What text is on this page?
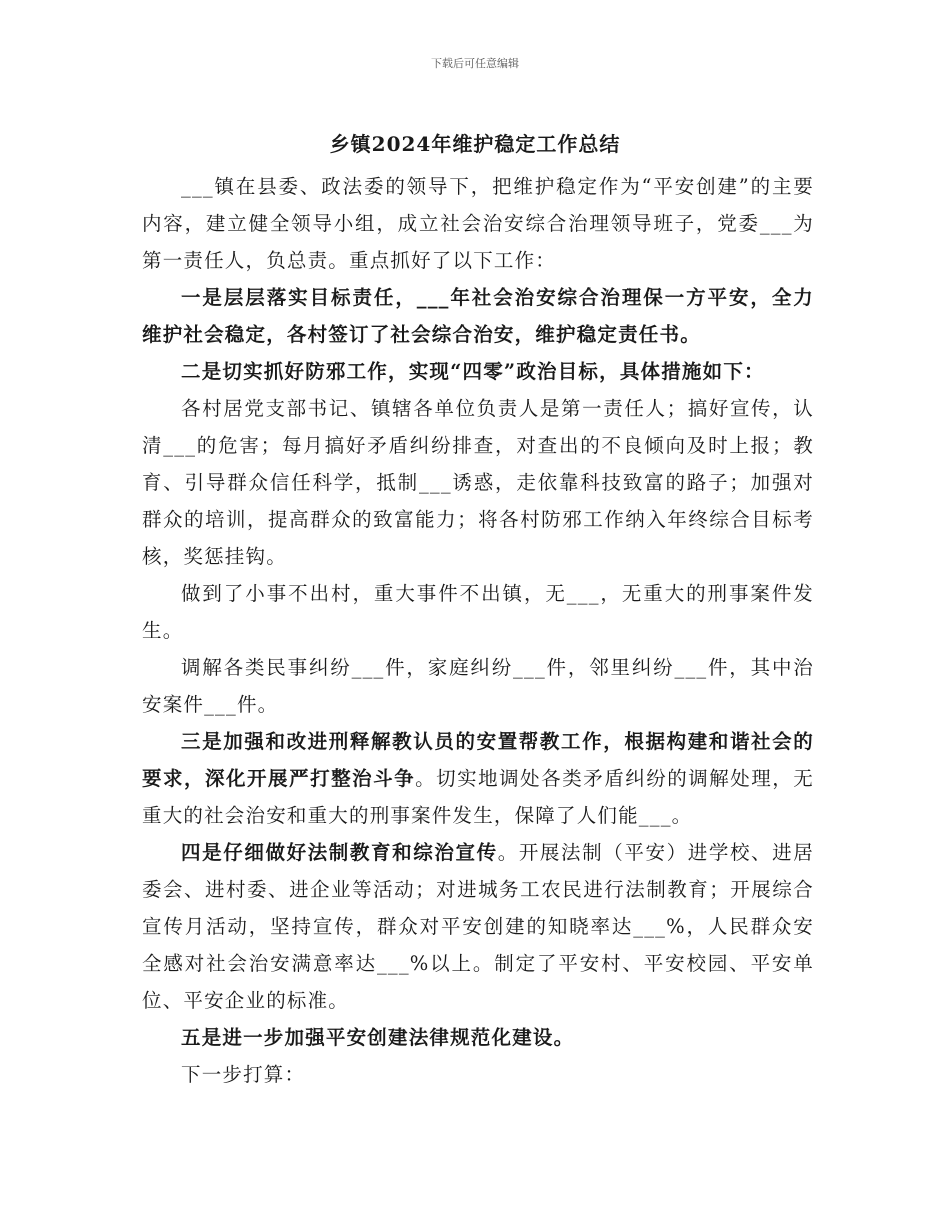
下载后可任意编辑
乡镇2024年维护稳定工作总结

___镇在县委、政法委的领导下，把维护稳定作为“平安创建”的主要内容，建立健全领导小组，成立社会治安综合治理领导班子，党委___为第一责任人，负总责。重点抓好了以下工作：

一是层层落实目标责任，___年社会治安综合治理保一方平安，全力维护社会稳定，各村签订了社会综合治安，维护稳定责任书。

二是切实抓好防邪工作，实现“四零”政治目标，具体措施如下：

各村居党支部书记、镇辖各单位负责人是第一责任人；搞好宣传，认清___的危害；每月搞好矛盾纠纷排查，对查出的不良倾向及时上报；教育、引导群众信任科学，抵制___诱惑，走依靠科技致富的路子；加强对群众的培训，提高群众的致富能力；将各村防邪工作纳入年终综合目标考核，奖惩挂钩。

做到了小事不出村，重大事件不出镇，无___，无重大的刑事案件发生。

调解各类民事纠纷___件，家庭纠纷___件，邻里纠纷___件，其中治安案件___件。

三是加强和改进刑释解教认员的安置帮教工作，根据构建和谐社会的要求，深化开展严打整治斗争。切实地调处各类矛盾纠纷的调解处理，无重大的社会治安和重大的刑事案件发生，保障了人们能___。

四是仔细做好法制教育和综治宣传。开展法制（平安）进学校、进居委会、进村委、进企业等活动；对进城务工农民进行法制教育；开展综合宣传月活动，坚持宣传，群众对平安创建的知晓率达___%，人民群众安全感对社会治安满意率达___%以上。制定了平安村、平安校园、平安单位、平安企业的标准。

五是进一步加强平安创建法律规范化建设。

下一步打算：
